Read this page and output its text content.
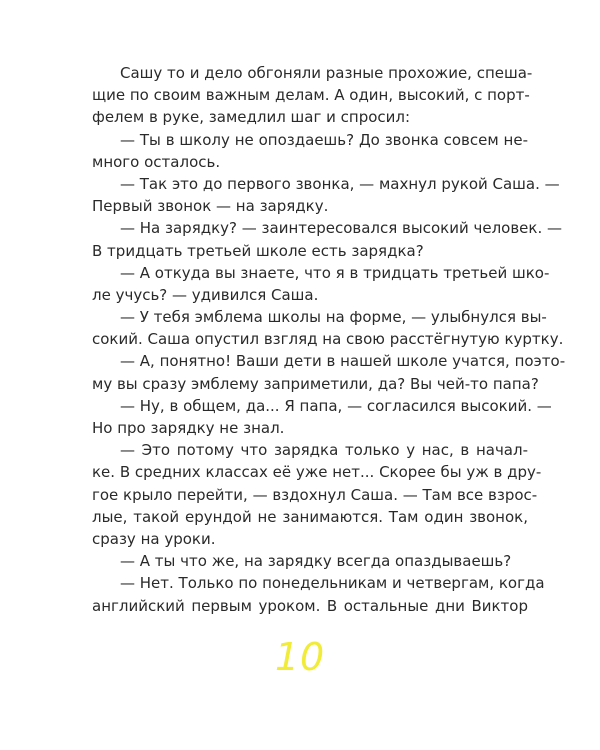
Сашу то и дело обгоняли разные прохожие, спеша-
щие по своим важным делам. А один, высокий, с порт-
фелем в руке, замедлил шаг и спросил:
— Ты в школу не опоздаешь? До звонка совсем не-
много осталось.
— Так это до первого звонка, — махнул рукой Саша. —
Первый звонок — на зарядку.
— На зарядку? — заинтересовался высокий человек. —
В тридцать третьей школе есть зарядка?
— А откуда вы знаете, что я в тридцать третьей шко-
ле учусь? — удивился Саша.
— У тебя эмблема школы на форме, — улыбнулся вы-
сокий. Саша опустил взгляд на свою расстёгнутую куртку.
— А, понятно! Ваши дети в нашей школе учатся, поэто-
му вы сразу эмблему заприметили, да? Вы чей-то папа?
— Ну, в общем, да... Я папа, — согласился высокий. —
Но про зарядку не знал.
— Это потому что зарядка только у нас, в начал-
ке. В средних классах её уже нет... Скорее бы уж в дру-
гое крыло перейти, — вздохнул Саша. — Там все взрос-
лые, такой ерундой не занимаются. Там один звонок,
сразу на уроки.
— А ты что же, на зарядку всегда опаздываешь?
— Нет. Только по понедельникам и четвергам, когда
английский первым уроком. В остальные дни Виктор
10
